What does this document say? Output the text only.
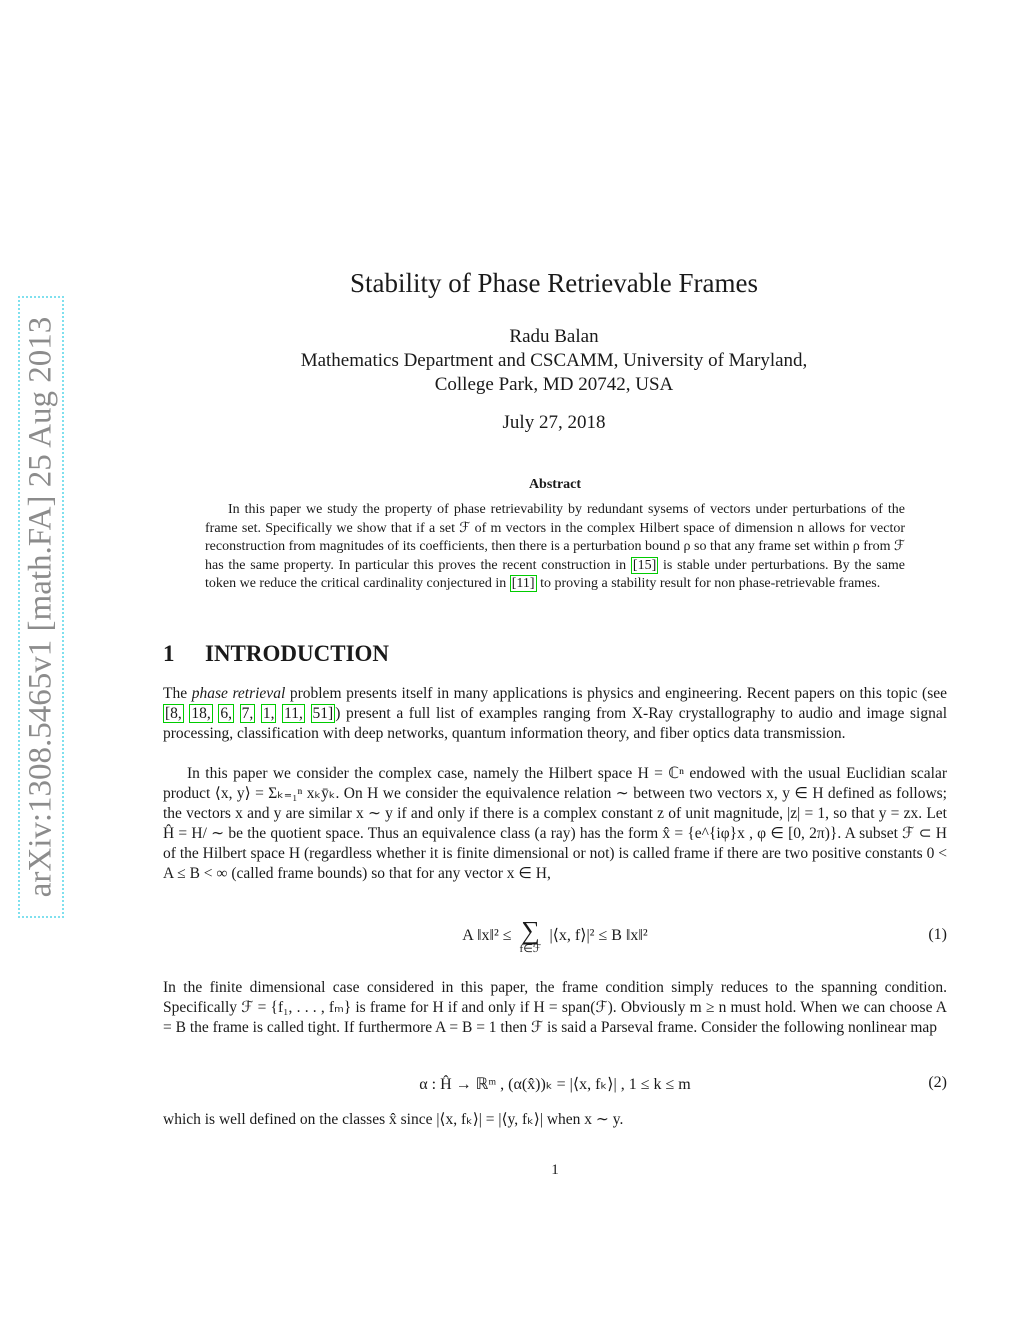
arXiv:1308.5465v1 [math.FA] 25 Aug 2013
Stability of Phase Retrievable Frames
Radu Balan
Mathematics Department and CSCAMM, University of Maryland,
College Park, MD 20742, USA
July 27, 2018
Abstract
In this paper we study the property of phase retrievability by redundant sysems of vectors under perturbations of the frame set. Specifically we show that if a set ℱ of m vectors in the complex Hilbert space of dimension n allows for vector reconstruction from magnitudes of its coefficients, then there is a perturbation bound ρ so that any frame set within ρ from ℱ has the same property. In particular this proves the recent construction in [15] is stable under perturbations. By the same token we reduce the critical cardinality conjectured in [11] to proving a stability result for non phase-retrievable frames.
1 INTRODUCTION
The phase retrieval problem presents itself in many applications is physics and engineering. Recent papers on this topic (see [8, 18, 6, 7, 1, 11, 51] ) present a full list of examples ranging from X-Ray crystallography to audio and image signal processing, classification with deep networks, quantum information theory, and fiber optics data transmission.
In this paper we consider the complex case, namely the Hilbert space H = ℂⁿ endowed with the usual Euclidian scalar product ⟨x, y⟩ = Σₖ₌₁ⁿ xₖȳₖ. On H we consider the equivalence relation ∼ between two vectors x, y ∈ H defined as follows; the vectors x and y are similar x ∼ y if and only if there is a complex constant z of unit magnitude, |z| = 1, so that y = zx. Let Ĥ = H/ ∼ be the quotient space. Thus an equivalence class (a ray) has the form x̂ = {e^{iφ}x , φ ∈ [0, 2π)}. A subset ℱ ⊂ H of the Hilbert space H (regardless whether it is finite dimensional or not) is called frame if there are two positive constants 0 < A ≤ B < ∞ (called frame bounds) so that for any vector x ∈ H,
A ‖x‖² ≤ ∑
f∈ℱ
|⟨x, f⟩|² ≤ B ‖x‖²	(1)
In the finite dimensional case considered in this paper, the frame condition simply reduces to the spanning condition. Specifically ℱ = {f₁, . . . , fₘ} is frame for H if and only if H = span(ℱ). Obviously m ≥ n must hold. When we can choose A = B the frame is called tight. If furthermore A = B = 1 then ℱ is said a Parseval frame. Consider the following nonlinear map
α : Ĥ → ℝᵐ , (α(x̂))ₖ = |⟨x, fₖ⟩| , 1 ≤ k ≤ m	(2)
which is well defined on the classes x̂ since |⟨x, fₖ⟩| = |⟨y, fₖ⟩| when x ∼ y.
1
